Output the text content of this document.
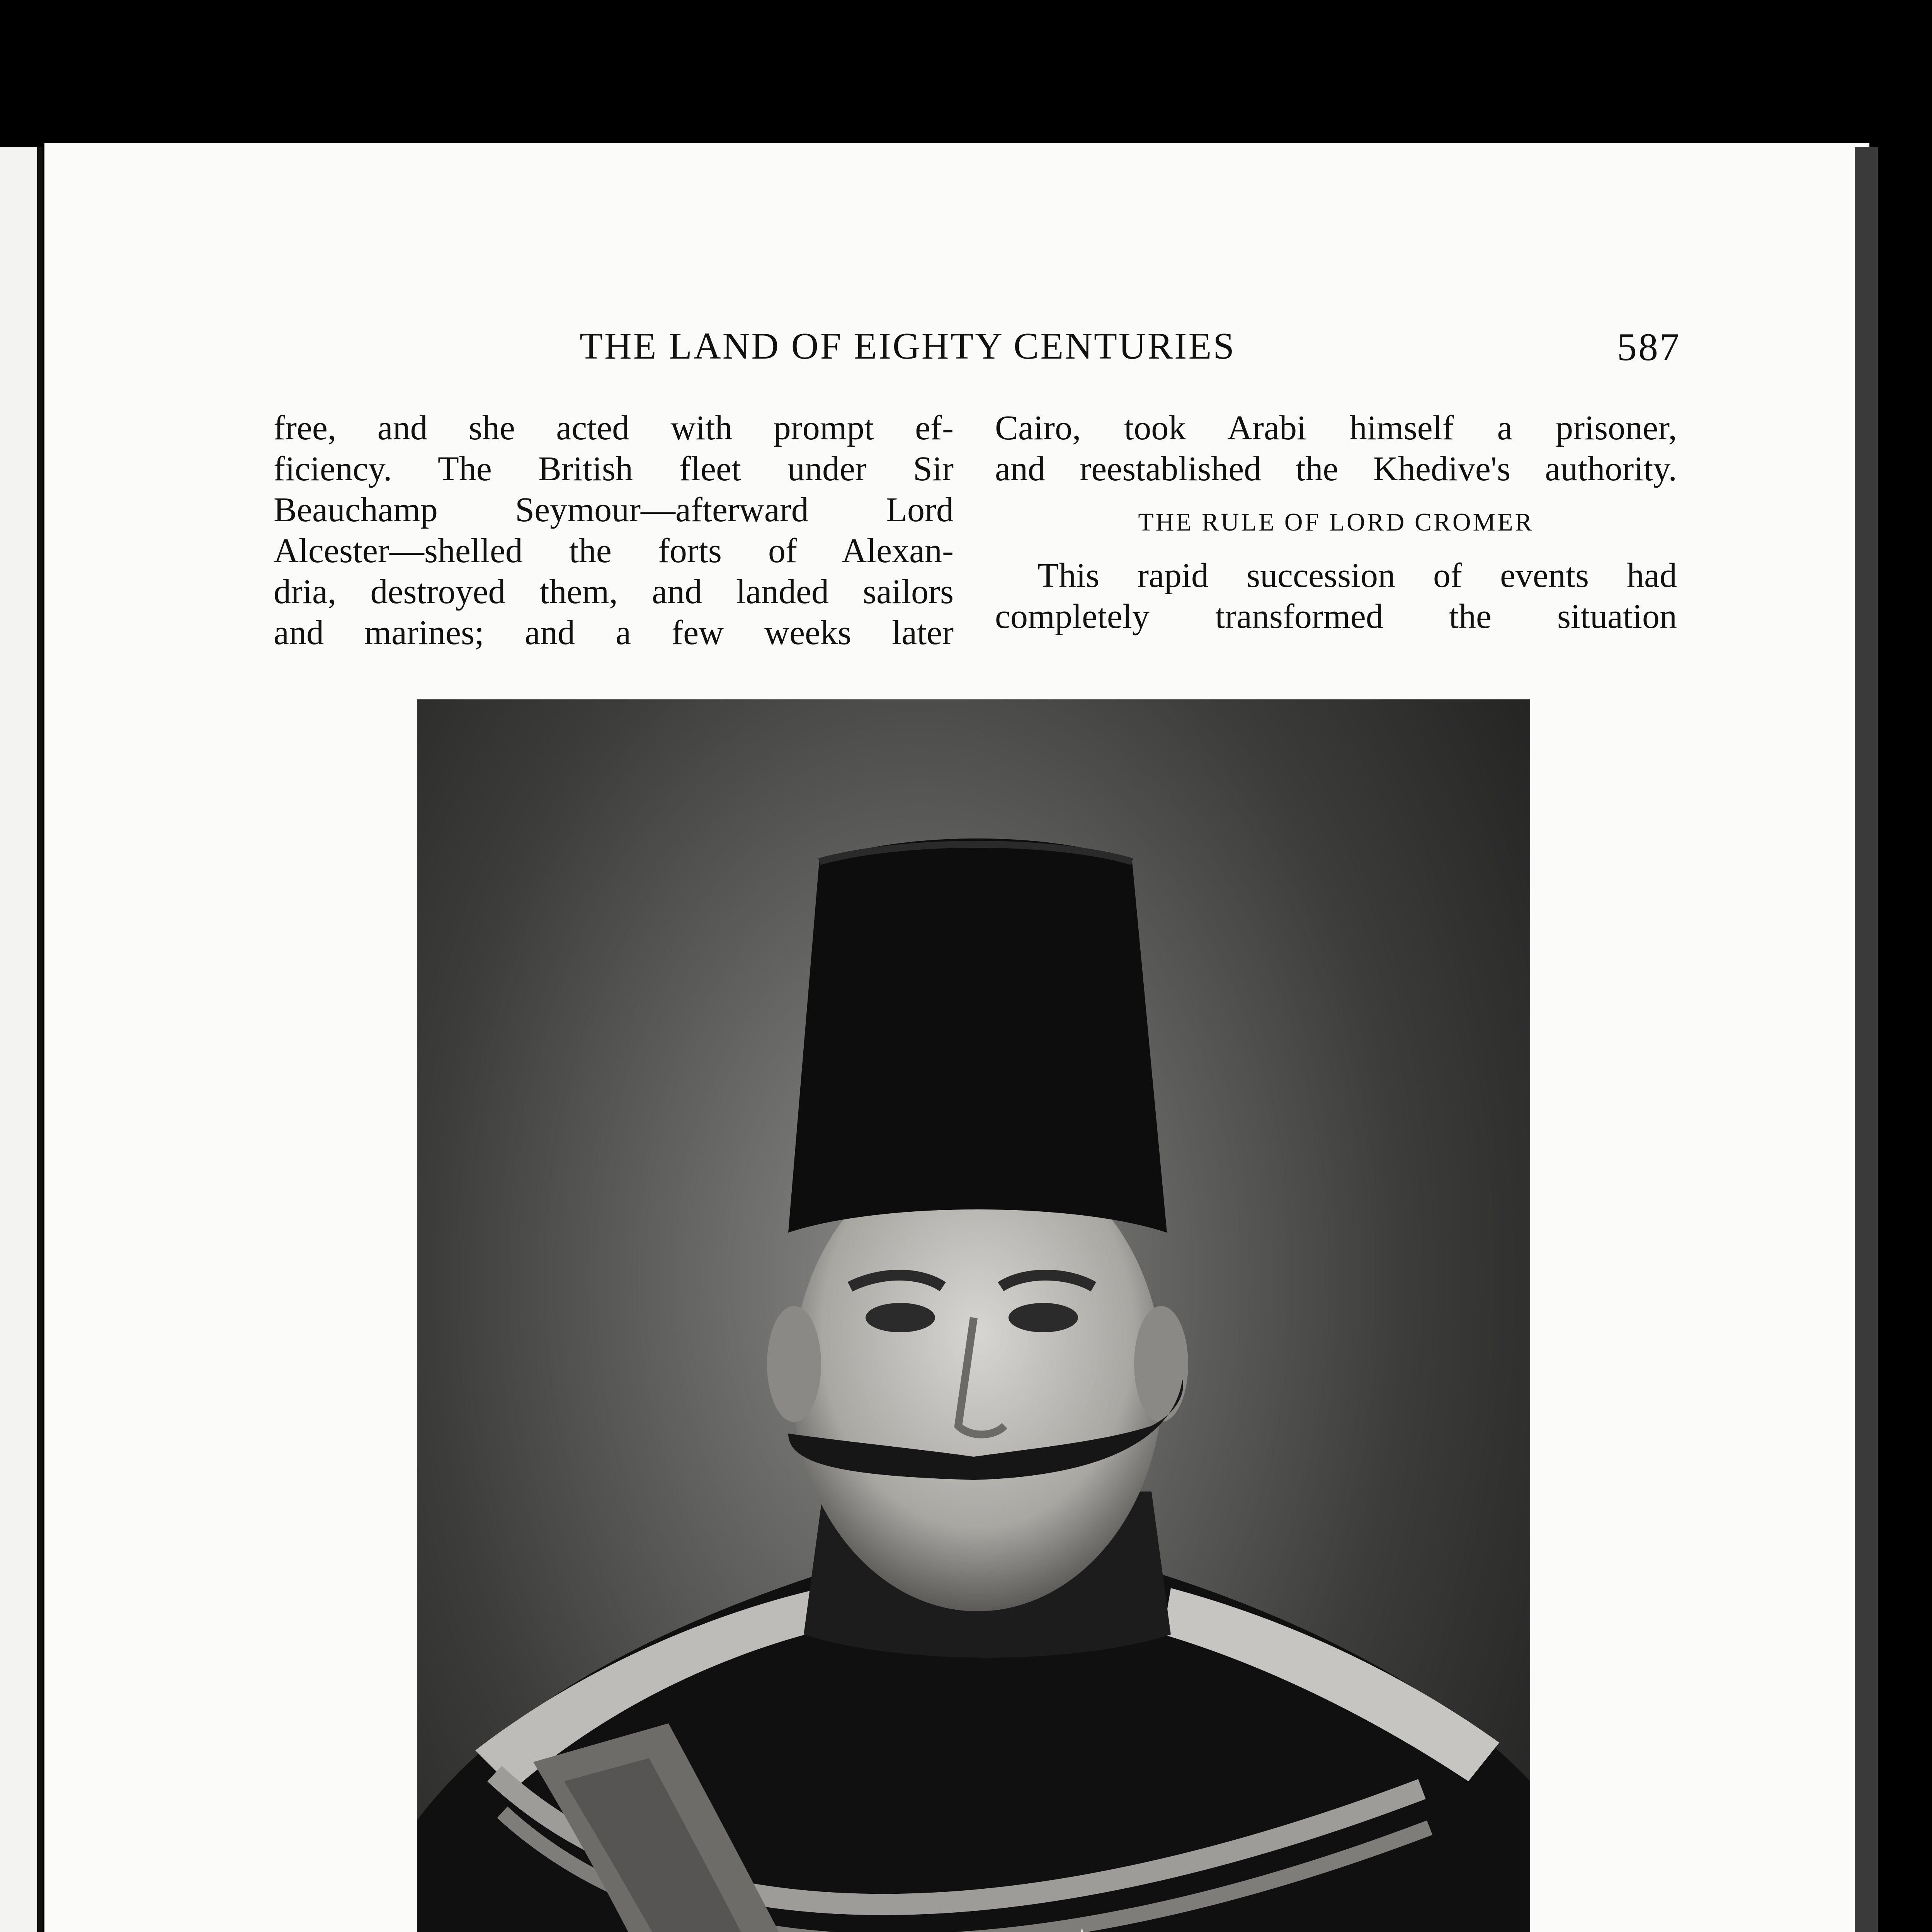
THE LAND OF EIGHTY CENTURIES	587

free, and she acted with prompt ef-

ficiency. The British fleet under Sir

Beauchamp Seymour—afterward Lord

Alcester—shelled the forts of Alexan-

dria, destroyed them, and landed sailors

and marines; and a few weeks later

Cairo, took Arabi himself a prisoner,

and reestablished the Khedive's authority.

THE RULE OF LORD CROMER

This rapid succession of events had

completely transformed the situation
